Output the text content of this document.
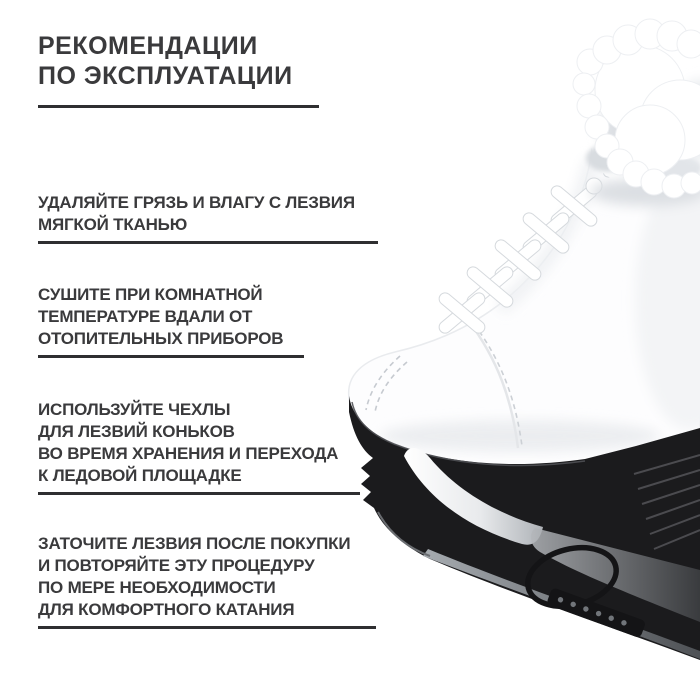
РЕКОМЕНДАЦИИ
ПО ЭКСПЛУАТАЦИИ
УДАЛЯЙТЕ ГРЯЗЬ И ВЛАГУ С ЛЕЗВИЯ
МЯГКОЙ ТКАНЬЮ
СУШИТЕ ПРИ КОМНАТНОЙ
ТЕМПЕРАТУРЕ ВДАЛИ ОТ
ОТОПИТЕЛЬНЫХ ПРИБОРОВ
ИСПОЛЬЗУЙТЕ ЧЕХЛЫ
ДЛЯ ЛЕЗВИЙ КОНЬКОВ
ВО ВРЕМЯ ХРАНЕНИЯ И ПЕРЕХОДА
К ЛЕДОВОЙ ПЛОЩАДКЕ
ЗАТОЧИТЕ ЛЕЗВИЯ ПОСЛЕ ПОКУПКИ
И ПОВТОРЯЙТЕ ЭТУ ПРОЦЕДУРУ
ПО МЕРЕ НЕОБХОДИМОСТИ
ДЛЯ КОМФОРТНОГО КАТАНИЯ
